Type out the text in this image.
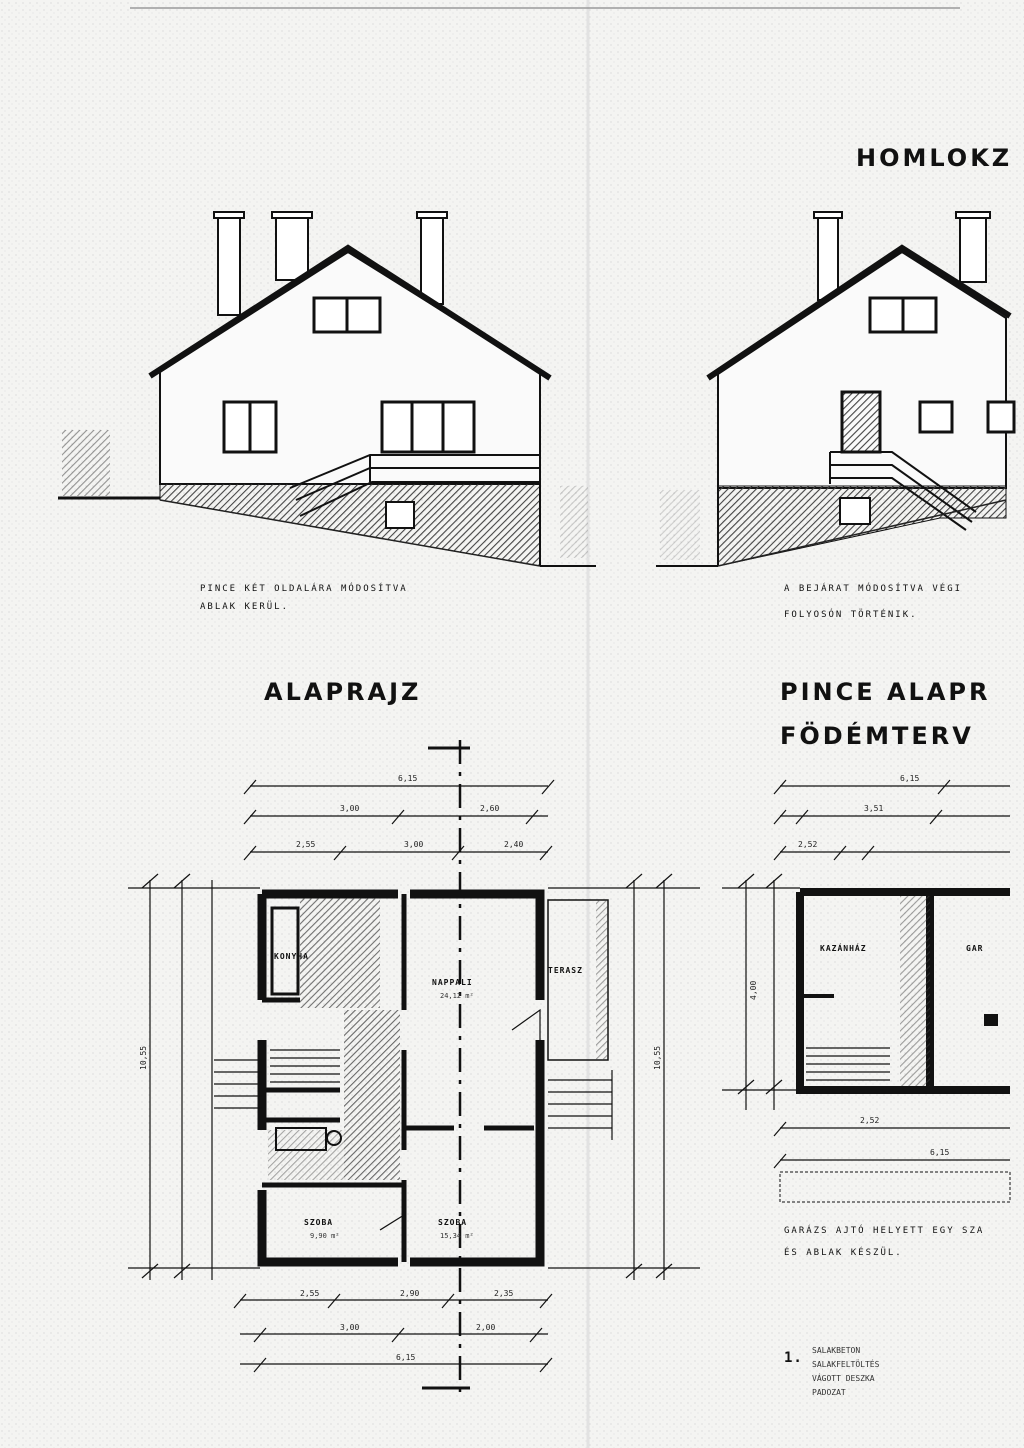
6,15
3,00	2,60
2,55	3,00	2,40
2,55	2,90	2,35
3,00	2,00
6,15
10,55	10,55
6,15
3,51
2,52
4,00
2,52
6,15
HOMLOKZ
ALAPRAJZ	PINCE ALAPR
FÖDÉMTERV
PINCE KÉT OLDALÁRA MÓDOSÍTVA
ABLAK KERÜL.
A BEJÁRAT MÓDOSÍTVA VÉGI
FOLYOSÓN TÖRTÉNIK.
GARÁZS AJTÓ HELYETT EGY SZA
ÉS ABLAK KÉSZÜL.
KONYHA
NAPPALI
24,12 m²
TERASZ
SZOBA
9,90 m²
SZOBA
15,34 m²
KAZÁNHÁZ	GAR
1. SALAKBETON
SALAKFELTÖLTÉS
VÁGOTT DESZKA
PADOZAT
